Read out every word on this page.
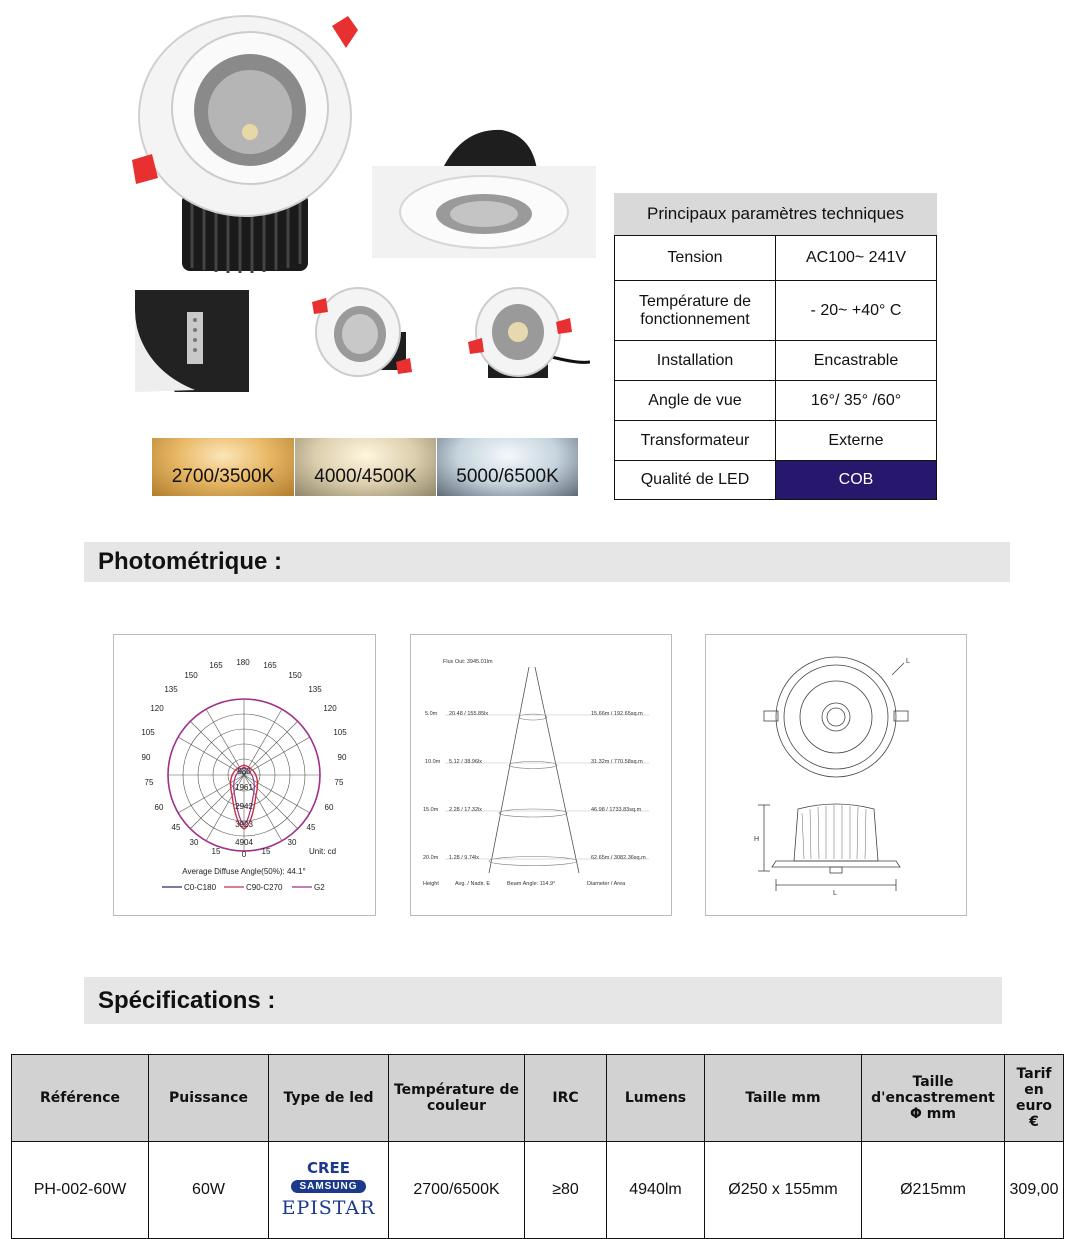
2700/3500K 4000/4500K 5000/6500K
Principaux paramètres techniques
Tension	AC100~ 241V
Température de fonctionnement	- 20~ +40° C
Installation	Encastrable
Angle de vue	16°/ 35° /60°
Transformateur	Externe
Qualité de LED	COB
Photométrique :
180
165	165
150	150
135	135
120	120
105	105
90	90
75	75
60	60
45	45
30	30
15	0 15
980
1961
2942
3923
4904
Unit: cd
Average Diffuse Angle(50%): 44.1°
C0-C180	C90-C270	G2
Flux Out: 3945.01lm
5.0m 20.48 / 155.85lx	15.66m / 192.65sq.m
10.0m 5.12 / 38.96lx	31.32m / 770.58sq.m
15.0m 2.28 / 17.32lx	46.98 / 1733.83sq.m
20.0m 1.28 / 9.74lx	62.65m / 3082.36sq.m
Height	Avg. / Nadir. E	Beam Angle: 114.9°	Diameter / Area
L
H
L
Spécifications :
Référence	Puissance	Type de led	Température de couleur	IRC	Lumens	Taille mm	Taille d'encastrement Φ mm	Tarif en euro €
PH-002-60W	60W	CREE
SAMSUNG
EPISTAR	2700/6500K	≥80	4940lm	Ø250 x 155mm	Ø215mm	309,00
